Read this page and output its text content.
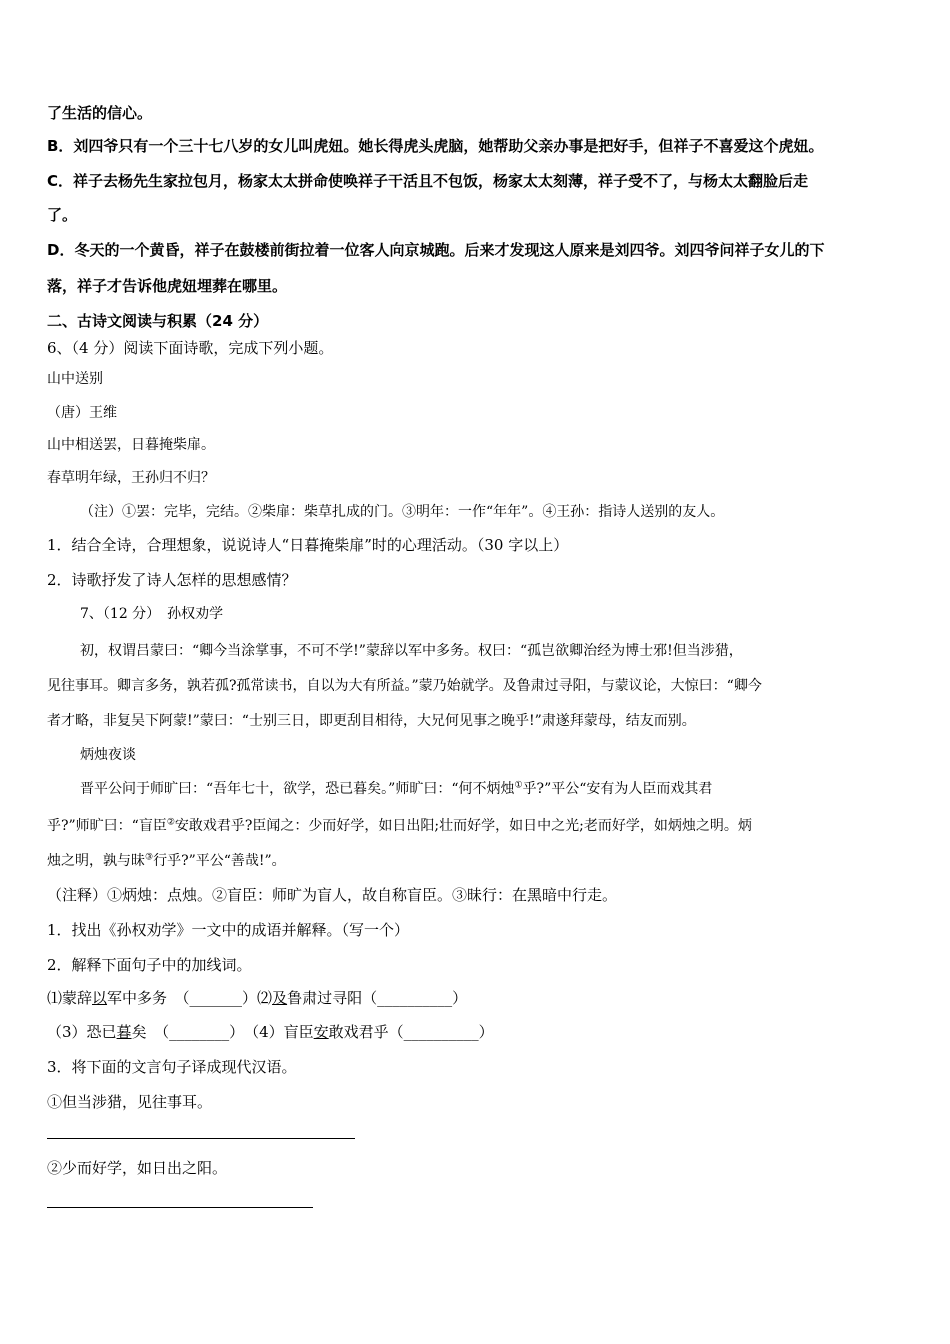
了生活的信心。
B．刘四爷只有一个三十七八岁的女儿叫虎妞。她长得虎头虎脑，她帮助父亲办事是把好手，但祥子不喜爱这个虎妞。
C．祥子去杨先生家拉包月，杨家太太拼命使唤祥子干活且不包饭，杨家太太刻薄，祥子受不了，与杨太太翻脸后走
了。
D．冬天的一个黄昏，祥子在鼓楼前街拉着一位客人向京城跑。后来才发现这人原来是刘四爷。刘四爷问祥子女儿的下
落，祥子才告诉他虎妞埋葬在哪里。
二、古诗文阅读与积累（24 分）
6、（4 分）阅读下面诗歌，完成下列小题。
山中送别
（唐）王维
山中相送罢，日暮掩柴扉。
春草明年绿，王孙归不归？
（注）①罢：完毕，完结。②柴扉：柴草扎成的门。③明年：一作“年年”。④王孙：指诗人送别的友人。
1．结合全诗，合理想象，说说诗人“日暮掩柴扉”时的心理活动。（30 字以上）
2．诗歌抒发了诗人怎样的思想感情？
7、（12 分）　孙权劝学
初，权谓吕蒙曰：“卿今当涂掌事，不可不学!”蒙辞以军中多务。权曰：“孤岂欲卿治经为博士邪!但当涉猎，
见往事耳。卿言多务，孰若孤?孤常读书，自以为大有所益。”蒙乃始就学。及鲁肃过寻阳，与蒙议论，大惊曰：“卿今
者才略，非复吴下阿蒙!”蒙曰：“士别三日，即更刮目相待，大兄何见事之晚乎!”肃遂拜蒙母，结友而别。
炳烛夜谈
晋平公问于师旷曰：“吾年七十，欲学，恐已暮矣。”师旷曰：“何不炳烛①乎?”平公“安有为人臣而戏其君
乎?”师旷曰：“盲臣②安敢戏君乎?臣闻之：少而好学，如日出阳;壮而好学，如日中之光;老而好学，如炳烛之明。炳
烛之明，孰与昧③行乎?”平公“善哉!”。
（注释）①炳烛：点烛。②盲臣：师旷为盲人，故自称盲臣。③昧行：在黑暗中行走。
1．找出《孙权劝学》一文中的成语并解释。（写一个）
2．解释下面句子中的加线词。
⑴蒙辞以军中多务　（_______）⑵及鲁肃过寻阳（__________）
（3）恐已暮矣　（________）　 （4）盲臣安敢戏君乎（__________）
3．将下面的文言句子译成现代汉语。
①但当涉猎，见往事耳。
②少而好学，如日出之阳。
